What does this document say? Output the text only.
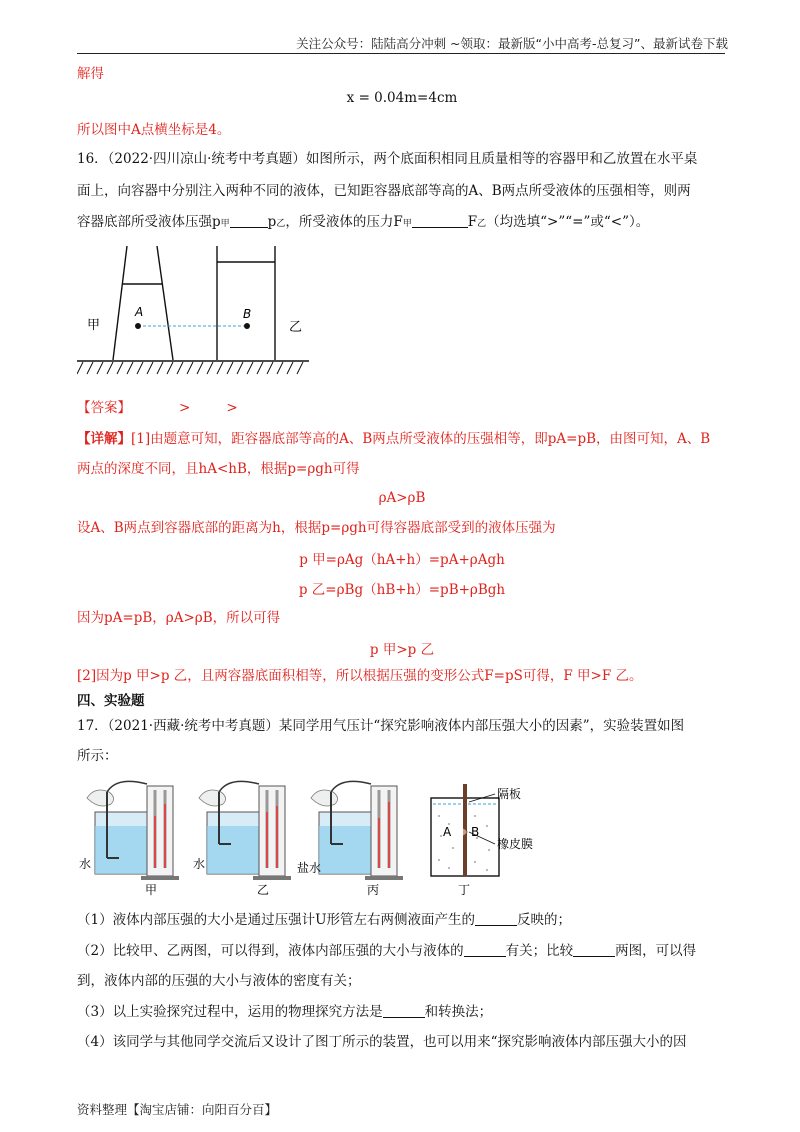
关注公众号：陆陆高分冲刺 ~领取：最新版“小中高考-总复习”、最新试卷下载
解得
x = 0.04m=4cm
所以图中A点横坐标是4。
16．（2022·四川凉山·统考中考真题）如图所示，两个底面积相同且质量相等的容器甲和乙放置在水平桌
面上，向容器中分别注入两种不同的液体，已知距容器底部等高的A、B两点所受液体的压强相等，则两
容器底部所受液体压强p甲	p乙，所受液体的压力F甲	F乙（均选填“>”“=”或“<”）。
A	B
甲	乙
【答案】	>	>
【详解】[1]由题意可知，距容器底部等高的A、B两点所受液体的压强相等，即pA=pB，由图可知，A、B
两点的深度不同，且hA<hB，根据p=ρgh可得
ρA>ρB
设A、B两点到容器底部的距离为h，根据p=ρgh可得容器底部受到的液体压强为
p 甲=ρAg（hA+h）=pA+ρAgh
p 乙=ρBg（hB+h）=pB+ρBgh
因为pA=pB，ρA>ρB，所以可得
p 甲>p 乙
[2]因为p 甲>p 乙，且两容器底面积相等，所以根据压强的变形公式F=pS可得，F 甲>F 乙。
四、实验题
17．（2021·西藏·统考中考真题）某同学用气压计“探究影响液体内部压强大小的因素”，实验装置如图
所示：
水	水	盐水
甲	乙	丙	丁
隔板
橡皮膜
A B
（1）液体内部压强的大小是通过压强计U形管左右两侧液面产生的	反映的；
（2）比较甲、乙两图，可以得到，液体内部压强的大小与液体的	有关；比较	两图，可以得
到，液体内部的压强的大小与液体的密度有关；
（3）以上实验探究过程中，运用的物理探究方法是	和转换法；
（4）该同学与其他同学交流后又设计了图丁所示的装置，也可以用来“探究影响液体内部压强大小的因
资料整理【淘宝店铺：向阳百分百】
